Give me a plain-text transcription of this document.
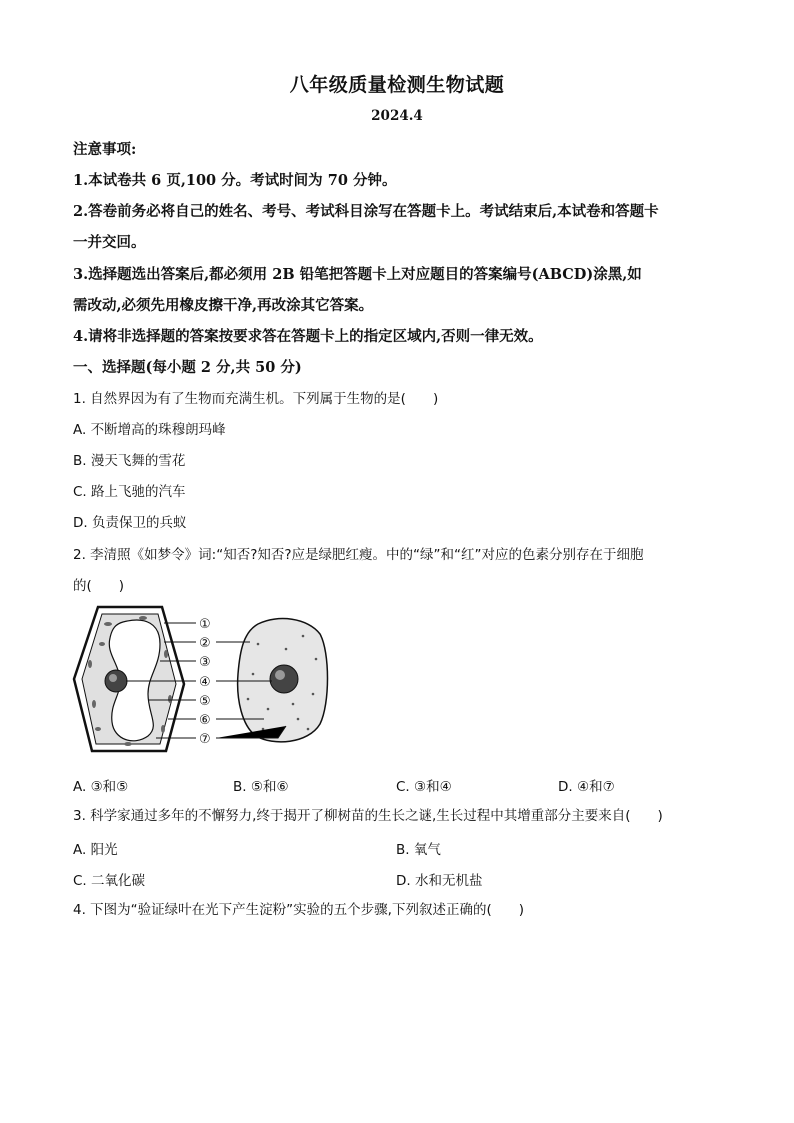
八年级质量检测生物试题
2024.4
注意事项:
1.本试卷共 6 页,100 分。考试时间为 70 分钟。
2.答卷前务必将自己的姓名、考号、考试科目涂写在答题卡上。考试结束后,本试卷和答题卡
一并交回。
3.选择题选出答案后,都必须用 2B 铅笔把答题卡上对应题目的答案编号(ABCD)涂黑,如
需改动,必须先用橡皮擦干净,再改涂其它答案。
4.请将非选择题的答案按要求答在答题卡上的指定区域内,否则一律无效。
一、选择题(每小题 2 分,共 50 分)
1. 自然界因为有了生物而充满生机。下列属于生物的是(　　)
A. 不断增高的珠穆朗玛峰
B. 漫天飞舞的雪花
C. 路上飞驰的汽车
D. 负责保卫的兵蚁
2. 李清照《如梦令》词:“知否?知否?应是绿肥红瘦。中的“绿”和“红”对应的色素分别存在于细胞
的(　　)
①
②
③
④
⑤
⑥
⑦
A. ③和⑤	B. ⑤和⑥	C. ③和④	D. ④和⑦
3. 科学家通过多年的不懈努力,终于揭开了柳树苗的生长之谜,生长过程中其增重部分主要来自(　　)
A. 阳光	B. 氧气
C. 二氧化碳	D. 水和无机盐
4. 下图为“验证绿叶在光下产生淀粉”实验的五个步骤,下列叙述正确的(　　)
